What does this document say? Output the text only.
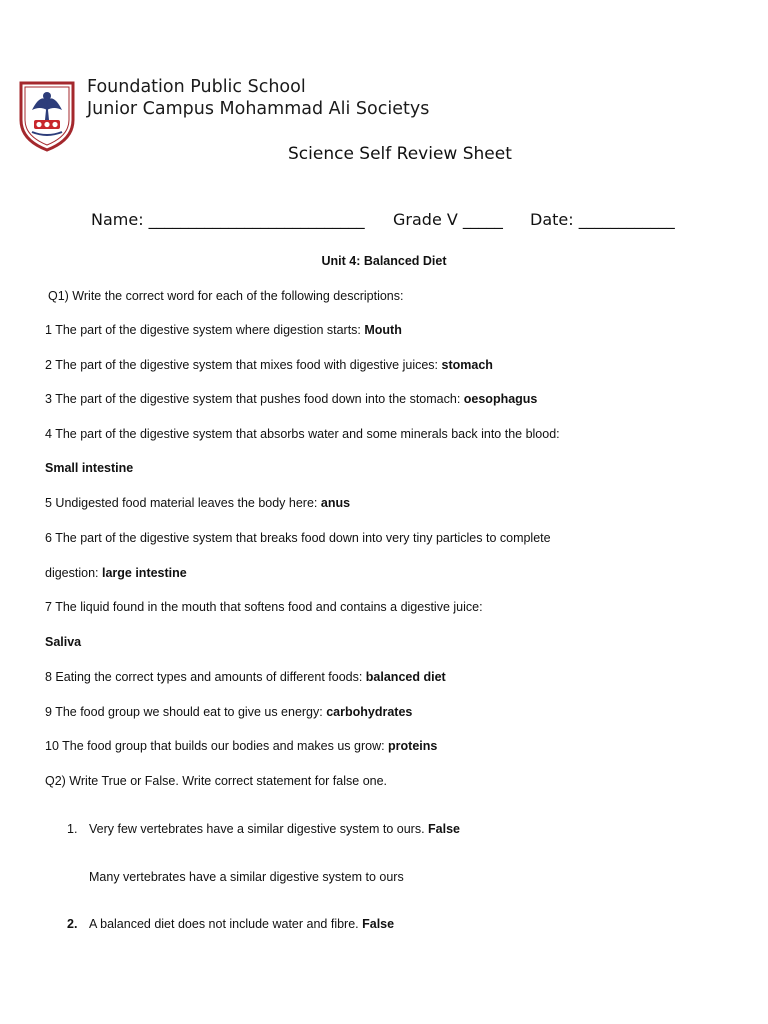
Foundation Public School
Junior Campus Mohammad Ali Societys
Science Self Review Sheet
Name: ___________________________ Grade V _____ Date: ____________
Unit 4: Balanced Diet
Q1) Write the correct word for each of the following descriptions:
1 The part of the digestive system where digestion starts: Mouth
2 The part of the digestive system that mixes food with digestive juices: stomach
3 The part of the digestive system that pushes food down into the stomach: oesophagus
4 The part of the digestive system that absorbs water and some minerals back into the blood:
Small intestine
5 Undigested food material leaves the body here: anus
6 The part of the digestive system that breaks food down into very tiny particles to complete
digestion: large intestine
7 The liquid found in the mouth that softens food and contains a digestive juice:
Saliva
8 Eating the correct types and amounts of different foods: balanced diet
9 The food group we should eat to give us energy: carbohydrates
10 The food group that builds our bodies and makes us grow: proteins
Q2) Write True or False. Write correct statement for false one.
1. Very few vertebrates have a similar digestive system to ours. False
Many vertebrates have a similar digestive system to ours
2. A balanced diet does not include water and fibre. False
